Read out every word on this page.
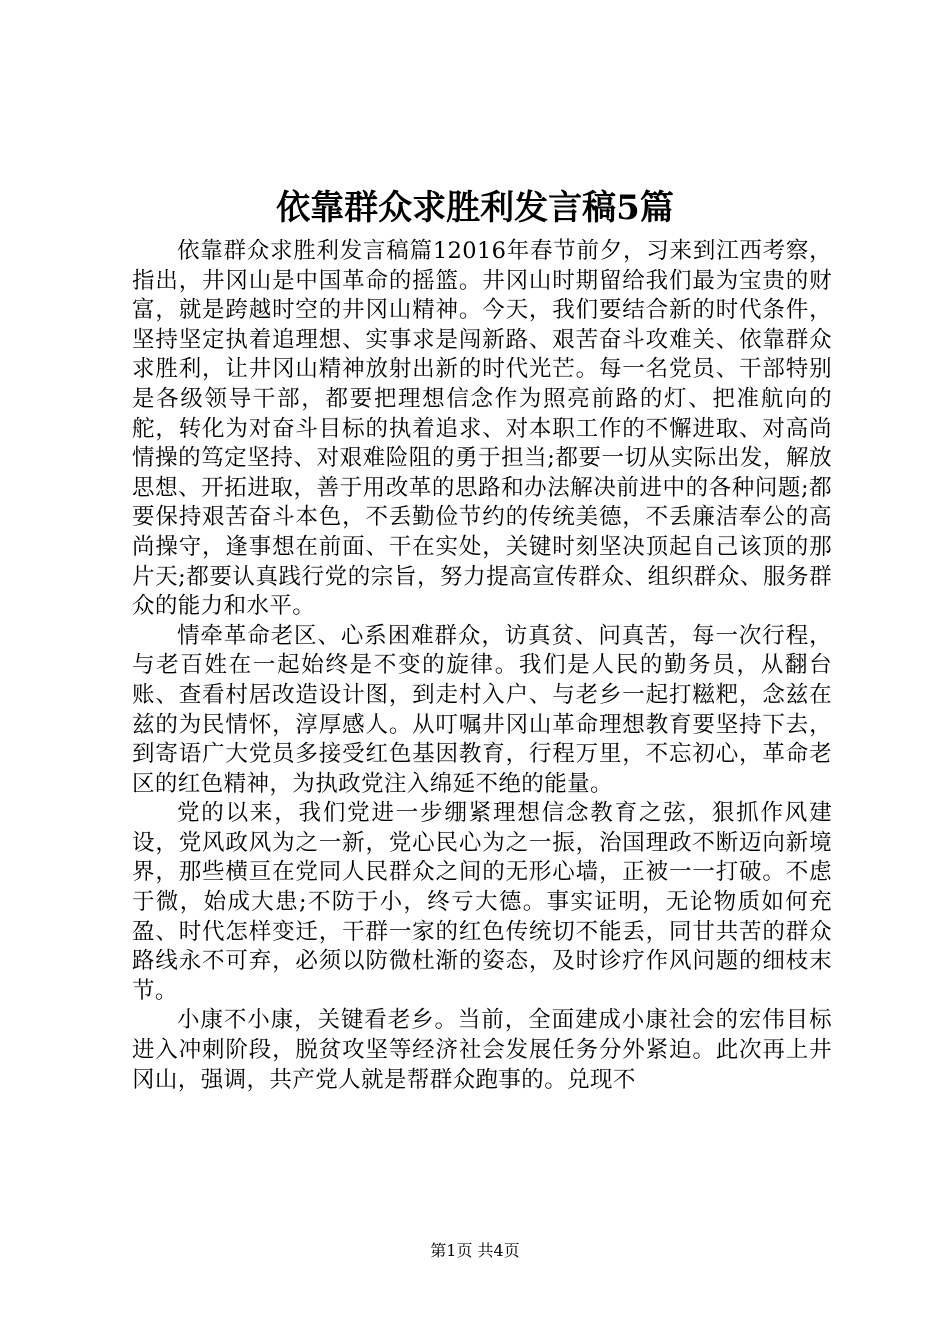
依靠群众求胜利发言稿5篇

依靠群众求胜利发言稿篇12016年春节前夕，习来到江西考察，指出，井冈山是中国革命的摇篮。井冈山时期留给我们最为宝贵的财富，就是跨越时空的井冈山精神。今天，我们要结合新的时代条件，坚持坚定执着追理想、实事求是闯新路、艰苦奋斗攻难关、依靠群众求胜利，让井冈山精神放射出新的时代光芒。每一名党员、干部特别是各级领导干部，都要把理想信念作为照亮前路的灯、把准航向的舵，转化为对奋斗目标的执着追求、对本职工作的不懈进取、对高尚情操的笃定坚持、对艰难险阻的勇于担当;都要一切从实际出发，解放思想、开拓进取，善于用改革的思路和办法解决前进中的各种问题;都要保持艰苦奋斗本色，不丢勤俭节约的传统美德，不丢廉洁奉公的高尚操守，逢事想在前面、干在实处，关键时刻坚决顶起自己该顶的那片天;都要认真践行党的宗旨，努力提高宣传群众、组织群众、服务群众的能力和水平。

情牵革命老区、心系困难群众，访真贫、问真苦，每一次行程，与老百姓在一起始终是不变的旋律。我们是人民的勤务员，从翻台账、查看村居改造设计图，到走村入户、与老乡一起打糍粑，念兹在兹的为民情怀，淳厚感人。从叮嘱井冈山革命理想教育要坚持下去，到寄语广大党员多接受红色基因教育，行程万里，不忘初心，革命老区的红色精神，为执政党注入绵延不绝的能量。

党的以来，我们党进一步绷紧理想信念教育之弦，狠抓作风建设，党风政风为之一新，党心民心为之一振，治国理政不断迈向新境界，那些横亘在党同人民群众之间的无形心墙，正被一一打破。不虑于微，始成大患;不防于小，终亏大德。事实证明，无论物质如何充盈、时代怎样变迁，干群一家的红色传统切不能丢，同甘共苦的群众路线永不可弃，必须以防微杜渐的姿态，及时诊疗作风问题的细枝末节。

小康不小康，关键看老乡。当前，全面建成小康社会的宏伟目标进入冲刺阶段，脱贫攻坚等经济社会发展任务分外紧迫。此次再上井冈山，强调，共产党人就是帮群众跑事的。兑现不

第1页 共4页
